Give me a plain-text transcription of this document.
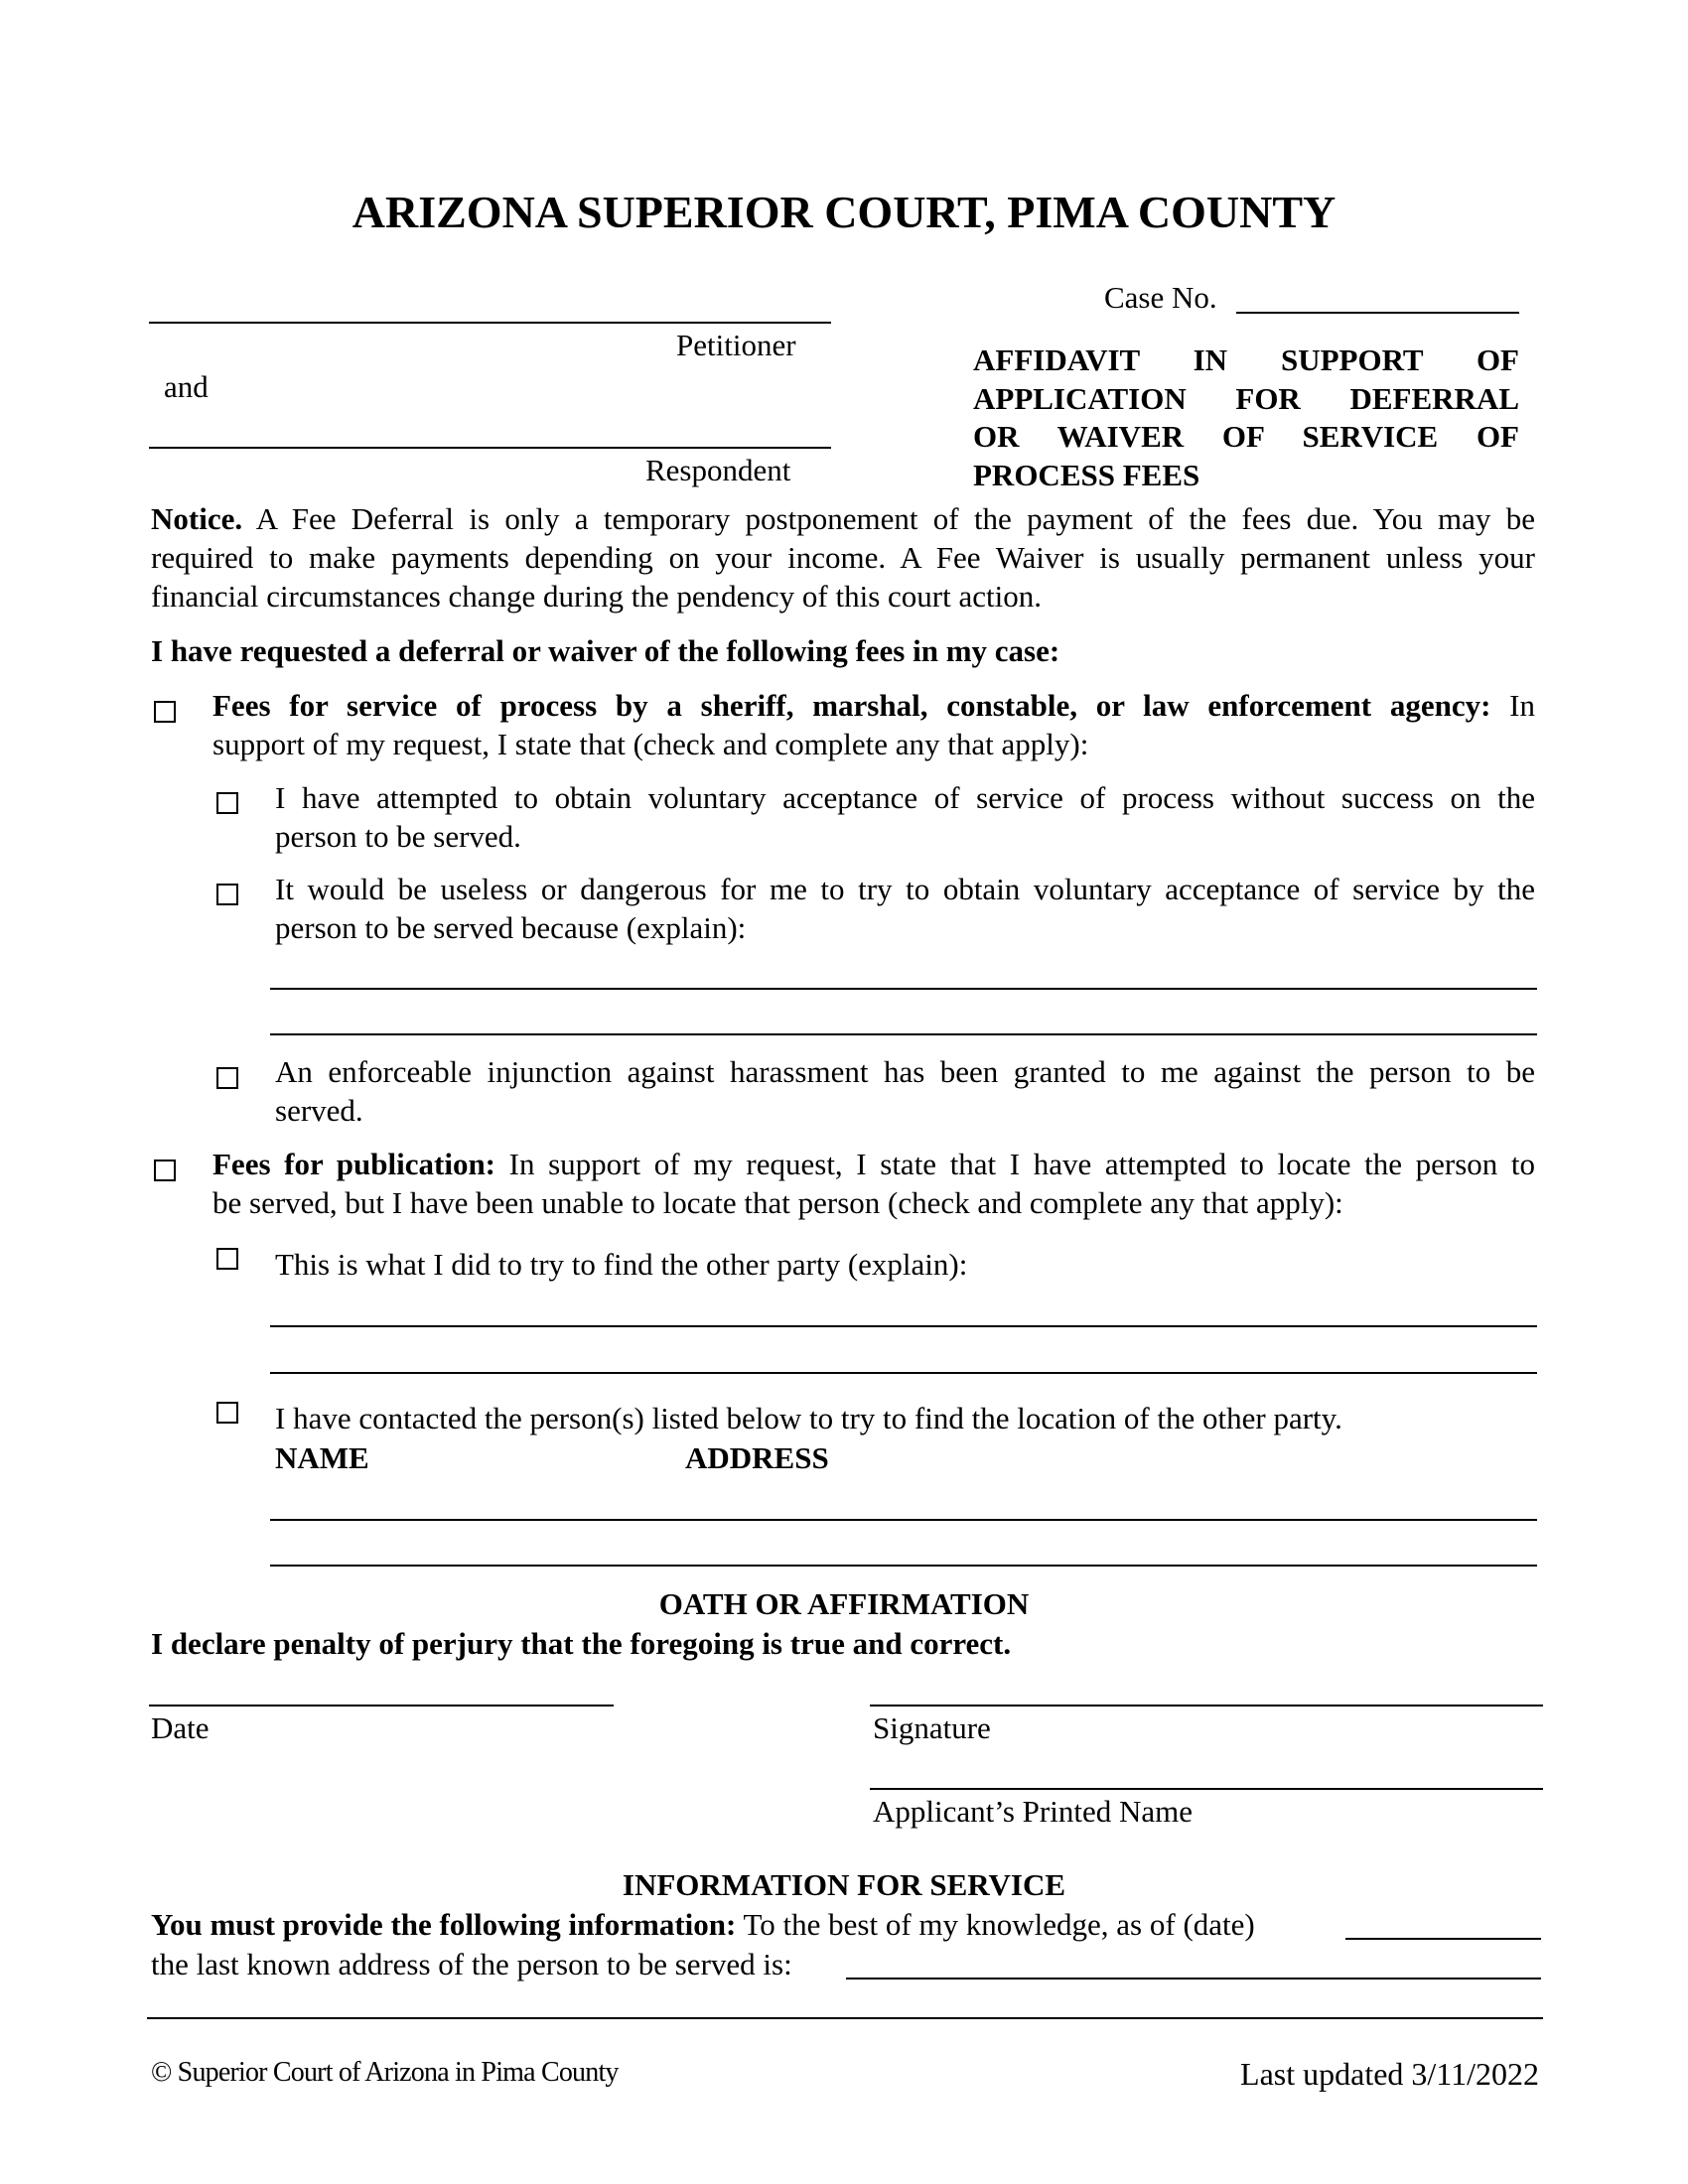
ARIZONA SUPERIOR COURT, PIMA COUNTY
Case No.
Petitioner
and
Respondent
AFFIDAVIT IN SUPPORT OF
APPLICATION FOR DEFERRAL
OR WAIVER OF SERVICE OF
PROCESS FEES
Notice. A Fee Deferral is only a temporary postponement of the payment of the fees due. You may be
required to make payments depending on your income. A Fee Waiver is usually permanent unless your
financial circumstances change during the pendency of this court action.
I have requested a deferral or waiver of the following fees in my case:
Fees for service of process by a sheriff, marshal, constable, or law enforcement agency: In
support of my request, I state that (check and complete any that apply):
I have attempted to obtain voluntary acceptance of service of process without success on the
person to be served.
It would be useless or dangerous for me to try to obtain voluntary acceptance of service by the
person to be served because (explain):
An enforceable injunction against harassment has been granted to me against the person to be
served.
Fees for publication: In support of my request, I state that I have attempted to locate the person to
be served, but I have been unable to locate that person (check and complete any that apply):
This is what I did to try to find the other party (explain):
I have contacted the person(s) listed below to try to find the location of the other party.
NAME	ADDRESS
OATH OR AFFIRMATION
I declare penalty of perjury that the foregoing is true and correct.
Date	Signature
Applicant’s Printed Name
INFORMATION FOR SERVICE
You must provide the following information: To the best of my knowledge, as of (date)
the last known address of the person to be served is:
© Superior Court of Arizona in Pima County	Last updated 3/11/2022
